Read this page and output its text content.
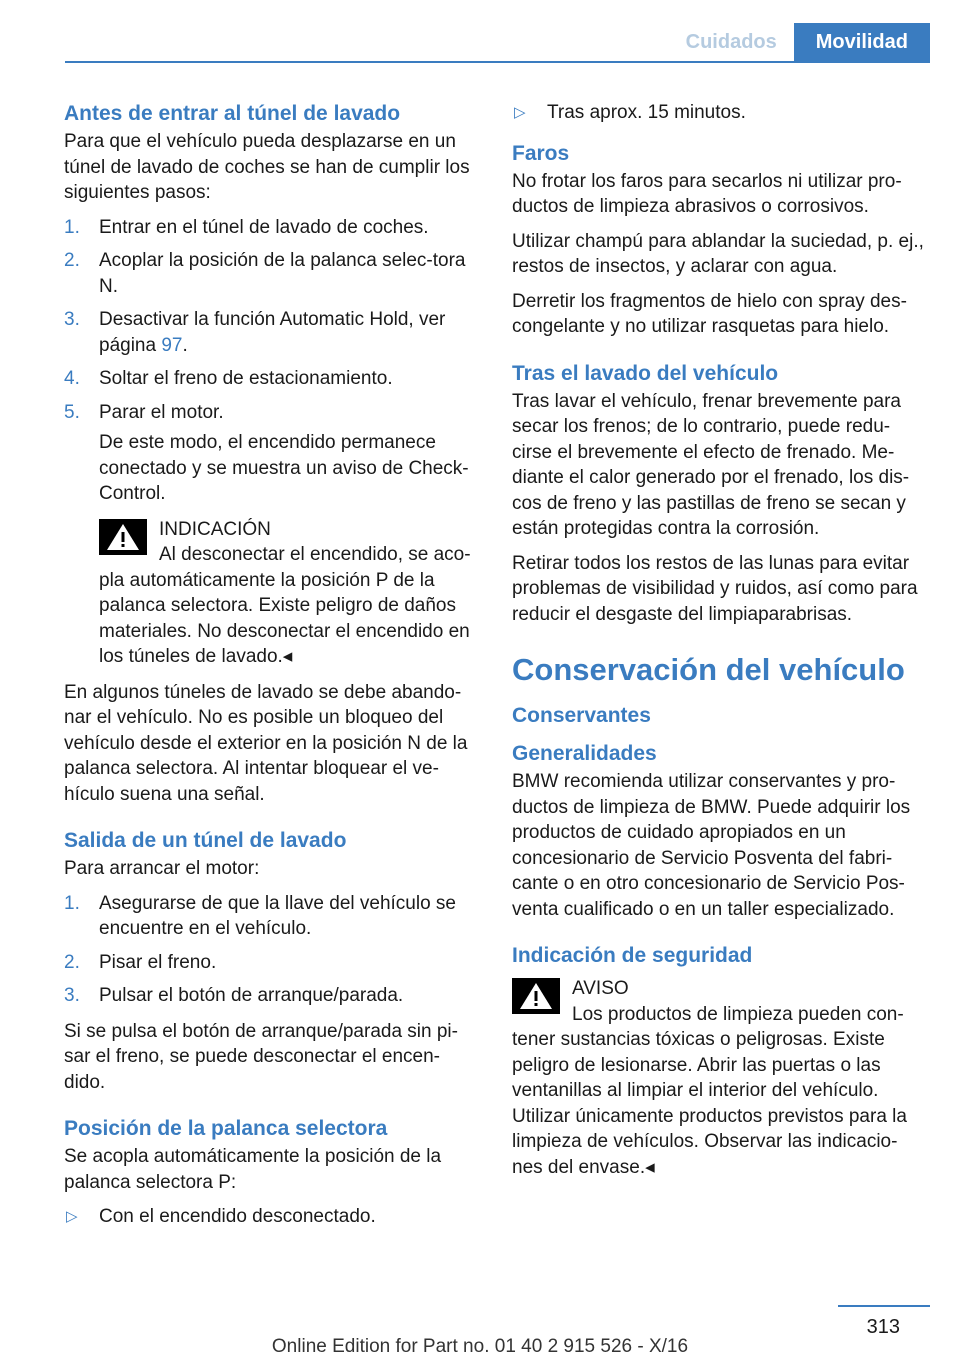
Cuidados	Movilidad
Antes de entrar al túnel de lavado

Para que el vehículo pueda desplazarse en un túnel de lavado de coches se han de cumplir los siguientes pasos:

1. Entrar en el túnel de lavado de coches.
2. Acoplar la posición de la palanca selec‐tora N.
3. Desactivar la función Automatic Hold, ver página 97.
4. Soltar el freno de estacionamiento.
5. Parar el motor.
De este modo, el encendido permanece conectado y se muestra un aviso de Check-Control.
INDICACIÓN
Al desconectar el encendido, se aco‐pla automáticamente la posición P de la palanca selectora. Existe peligro de daños materiales. No desconectar el encendido en los túneles de lavado.◂

En algunos túneles de lavado se debe abando‐nar el vehículo. No es posible un bloqueo del vehículo desde el exterior en la posición N de la palanca selectora. Al intentar bloquear el ve‐hículo suena una señal.

Salida de un túnel de lavado

Para arrancar el motor:

1. Asegurarse de que la llave del vehículo se encuentre en el vehículo.
2. Pisar el freno.
3. Pulsar el botón de arranque/parada.

Si se pulsa el botón de arranque/parada sin pi‐sar el freno, se puede desconectar el encen‐dido.

Posición de la palanca selectora

Se acopla automáticamente la posición de la palanca selectora P:

▷ Con el encendido desconectado.
▷ Tras aprox. 15 minutos.
Faros

No frotar los faros para secarlos ni utilizar pro‐ductos de limpieza abrasivos o corrosivos.

Utilizar champú para ablandar la suciedad, p. ej., restos de insectos, y aclarar con agua.

Derretir los fragmentos de hielo con spray des‐congelante y no utilizar rasquetas para hielo.

Tras el lavado del vehículo

Tras lavar el vehículo, frenar brevemente para secar los frenos; de lo contrario, puede redu‐cirse el brevemente el efecto de frenado. Me‐diante el calor generado por el frenado, los dis‐cos de freno y las pastillas de freno se secan y están protegidas contra la corrosión.

Retirar todos los restos de las lunas para evitar problemas de visibilidad y ruidos, así como para reducir el desgaste del limpiaparabrisas.

Conservación del vehículo
Conservantes
Generalidades

BMW recomienda utilizar conservantes y pro‐ductos de limpieza de BMW. Puede adquirir los productos de cuidado apropiados en un concesionario de Servicio Posventa del fabri‐cante o en otro concesionario de Servicio Pos‐venta cualificado o en un taller especializado.

Indicación de seguridad
AVISO
Los productos de limpieza pueden con‐tener sustancias tóxicas o peligrosas. Existe peligro de lesionarse. Abrir las puertas o las ventanillas al limpiar el interior del vehículo. Utilizar únicamente productos previstos para la limpieza de vehículos. Observar las indicacio‐nes del envase.◂
313
Online Edition for Part no. 01 40 2 915 526 - X/16
